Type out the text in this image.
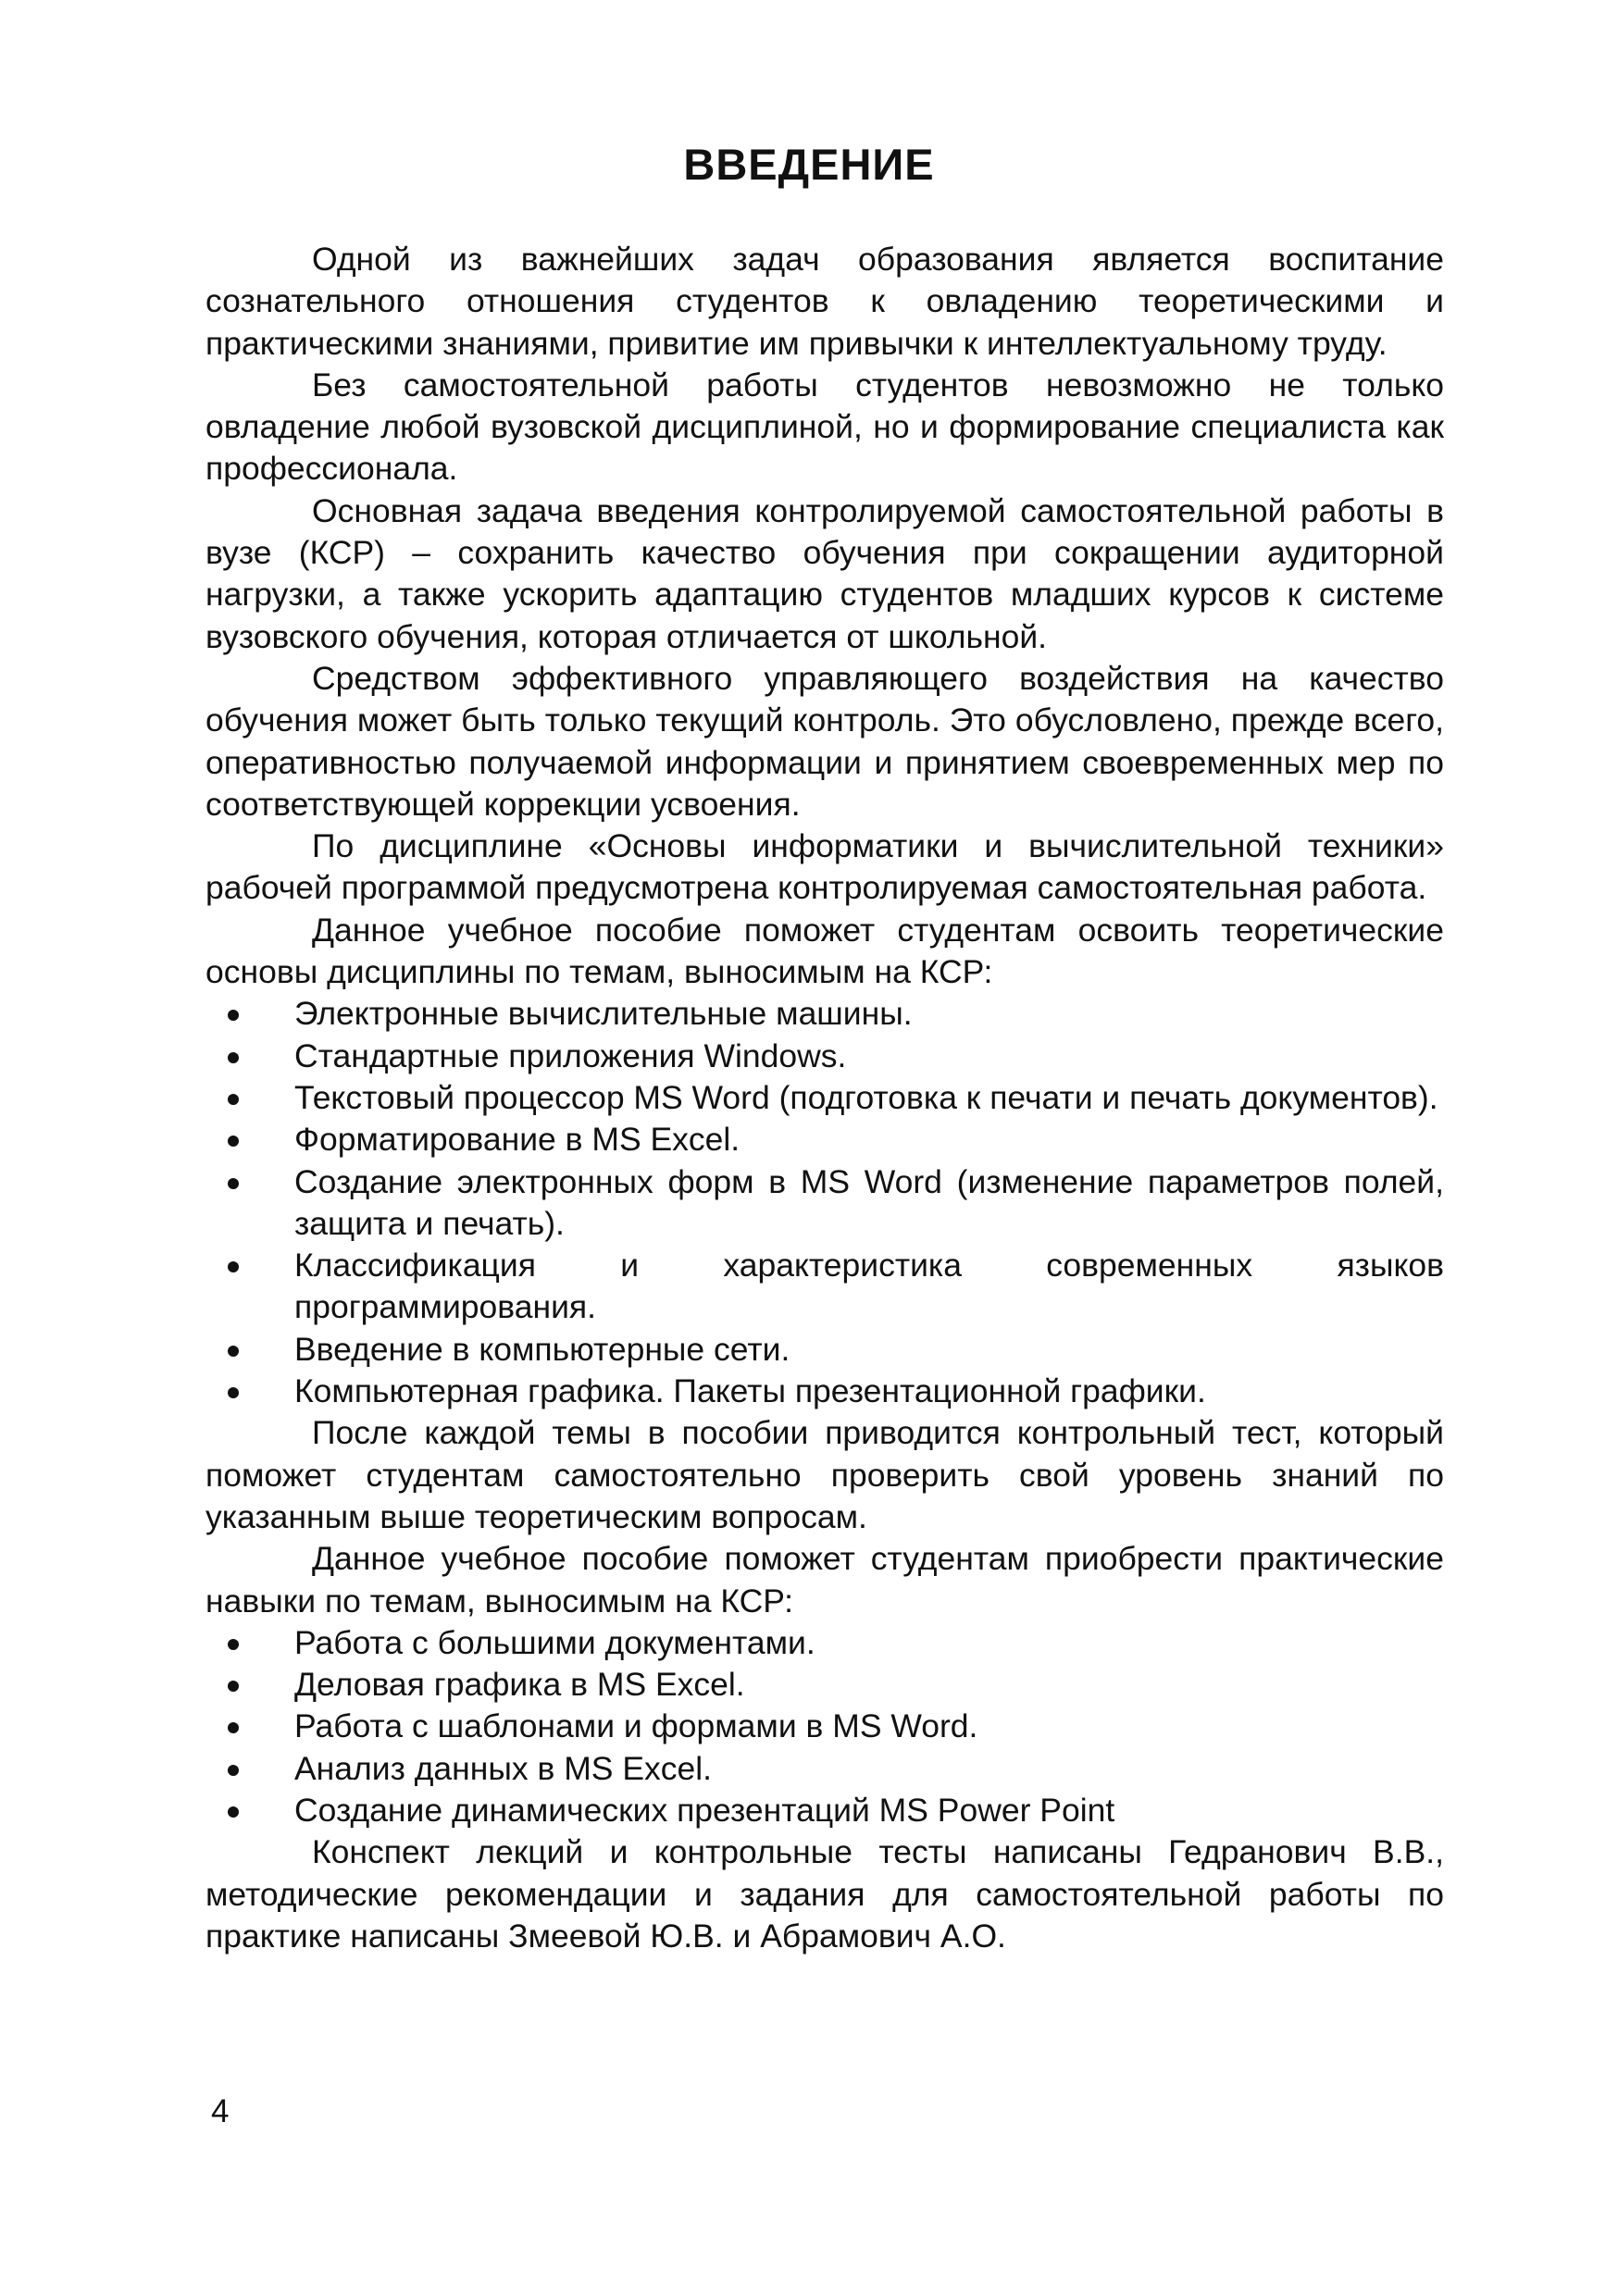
ВВЕДЕНИЕ

Одной из важнейших задач образования является воспитание сознательного отношения студентов к овладению теоретическими и практическими знаниями, привитие им привычки к интеллектуальному труду.

Без самостоятельной работы студентов невозможно не только овладение любой вузовской дисциплиной, но и формирование специалиста как профессионала.

Основная задача введения контролируемой самостоятельной работы в вузе (КСР) – сохранить качество обучения при сокращении аудиторной нагрузки, а также ускорить адаптацию студентов младших курсов к системе вузовского обучения, которая отличается от школьной.

Средством эффективного управляющего воздействия на качество обучения может быть только текущий контроль. Это обусловлено, прежде всего, оперативностью получаемой информации и принятием своевременных мер по соответствующей коррекции усвоения.

По дисциплине «Основы информатики и вычислительной техники» рабочей программой предусмотрена контролируемая самостоятельная работа.

Данное учебное пособие поможет студентам освоить теоретические основы дисциплины по темам, выносимым на КСР:

Электронные вычислительные машины.
Стандартные приложения Windows.
Текстовый процессор MS Word (подготовка к печати и печать документов).
Форматирование в MS Excel.
Создание электронных форм в MS Word (изменение параметров полей, защита и печать).
Классификация и характеристика современных языков программирования.
Введение в компьютерные сети.
Компьютерная графика. Пакеты презентационной графики.

После каждой темы в пособии приводится контрольный тест, который поможет студентам самостоятельно проверить свой уровень знаний по указанным выше теоретическим вопросам.

Данное учебное пособие поможет студентам приобрести практические навыки по темам, выносимым на КСР:

Работа с большими документами.
Деловая графика в MS Excel.
Работа с шаблонами и формами в MS Word.
Анализ данных в MS Excel.
Создание динамических презентаций MS Power Point

Конспект лекций и контрольные тесты написаны Гедранович В.В., методические рекомендации и задания для самостоятельной работы по практике написаны Змеевой Ю.В. и Абрамович А.О.

4
